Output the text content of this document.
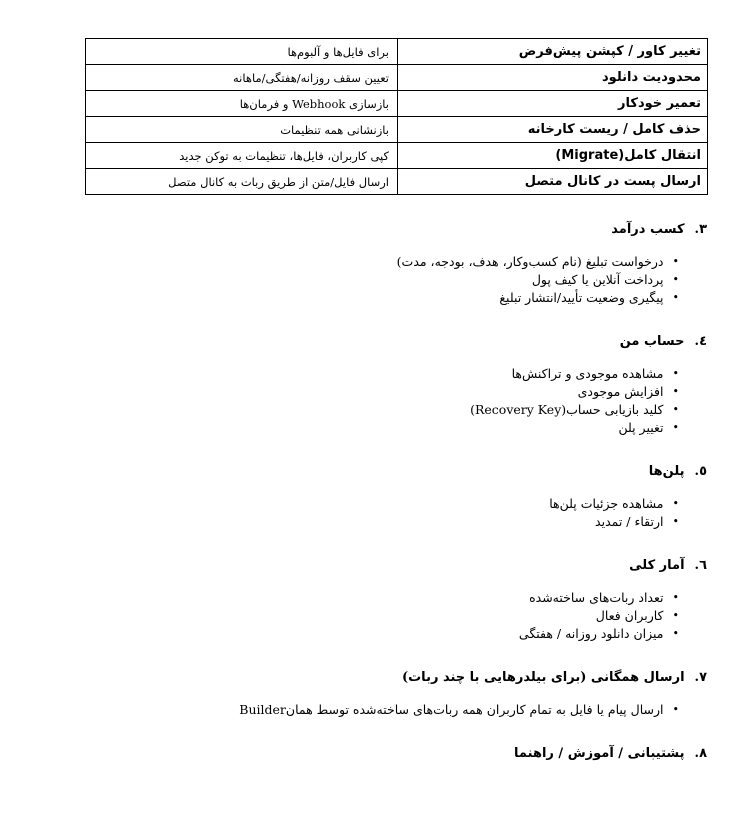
تغییر کاور / کپشن پیش‌فرض	برای فایل‌ها و آلبوم‌ها
محدودیت دانلود	تعیین سقف روزانه/هفتگی/ماهانه
تعمیر خودکار	بازسازی Webhook و فرمان‌ها
حذف کامل / ریست کارخانه	بازنشانی همه تنظیمات
انتقال کامل(Migrate)	کپی کاربران، فایل‌ها، تنظیمات به توکن جدید
ارسال پست در کانال متصل	ارسال فایل/متن از طریق ربات به کانال متصل
٣.
کسب درآمد
•
درخواست تبلیغ (نام کسب‌وکار، هدف، بودجه، مدت)
•
پرداخت آنلاین یا کیف پول
•
پیگیری وضعیت تأیید/انتشار تبلیغ
٤.
حساب من
•
مشاهده موجودی و تراکنش‌ها
•
افزایش موجودی
•
کلید بازیابی حساب(Recovery Key)
•
تغییر پلن
٥.
پلن‌ها
•
مشاهده جزئیات پلن‌ها
•
ارتقاء / تمدید
٦.
آمار کلی
•
تعداد ربات‌های ساخته‌شده
•
کاربران فعال
•
میزان دانلود روزانه / هفتگی
٧.
ارسال همگانی (برای بیلدرهایی با چند ربات)
•
ارسال پیام یا فایل به تمام کاربران همه ربات‌های ساخته‌شده توسط همانBuilder
٨.
پشتیبانی / آموزش / راهنما
